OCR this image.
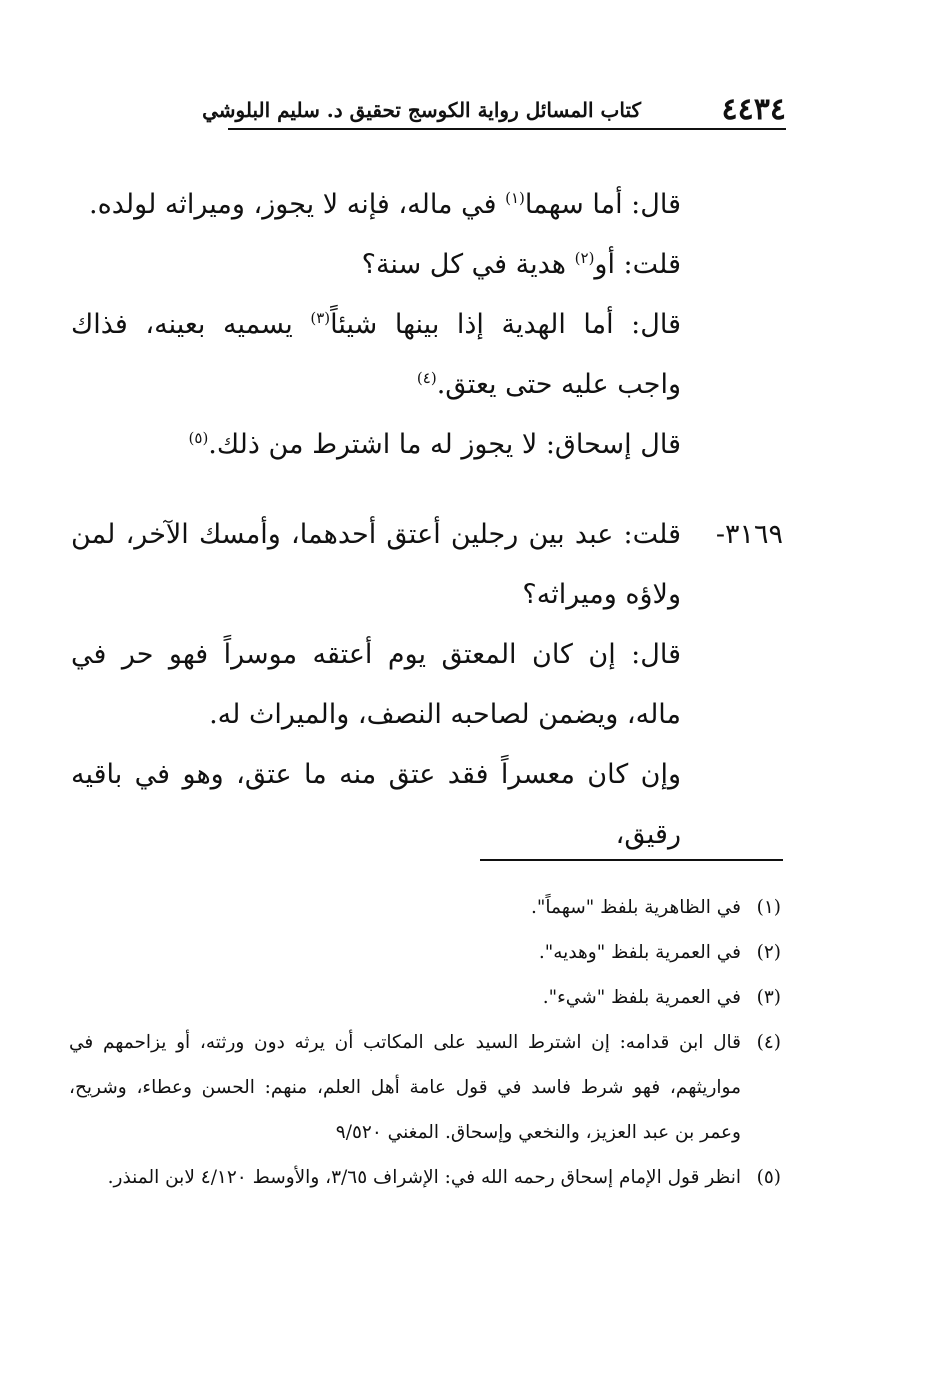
٤٤٣٤
كتاب المسائل رواية الكوسج تحقيق د. سليم البلوشي

قال: أما سهما$^{(١)}$ في ماله، فإنه لا يجوز، وميراثه لولده.

قلت: أو$^{(٢)}$ هدية في كل سنة؟

قال: أما الهدية إذا بينها شيئاً$^{(٣)}$ يسميه بعينه، فذاك واجب عليه حتى يعتق.$^{(٤)}$

قال إسحاق: لا يجوز له ما اشترط من ذلك.$^{(٥)}$

٣١٦٩-
قلت: عبد بين رجلين أعتق أحدهما، وأمسك الآخر، لمن ولاؤه وميراثه؟

قال: إن كان المعتق يوم أعتقه موسراً فهو حر في ماله، ويضمن لصاحبه النصف، والميراث له.

وإن كان معسراً فقد عتق منه ما عتق، وهو في باقيه رقيق،

(١)
في الظاهرية بلفظ "سهماً".
(٢)
في العمرية بلفظ "وهديه".
(٣)
في العمرية بلفظ "شيء".
(٤)
قال ابن قدامه: إن اشترط السيد على المكاتب أن يرثه دون ورثته، أو يزاحمهم في مواريثهم، فهو شرط فاسد في قول عامة أهل العلم، منهم: الحسن وعطاء، وشريح، وعمر بن عبد العزيز، والنخعي وإسحاق. المغني ٩/٥٢٠
(٥)
انظر قول الإمام إسحاق رحمه الله في: الإشراف ٣/٦٥، والأوسط ٤/١٢٠ لابن المنذر.
